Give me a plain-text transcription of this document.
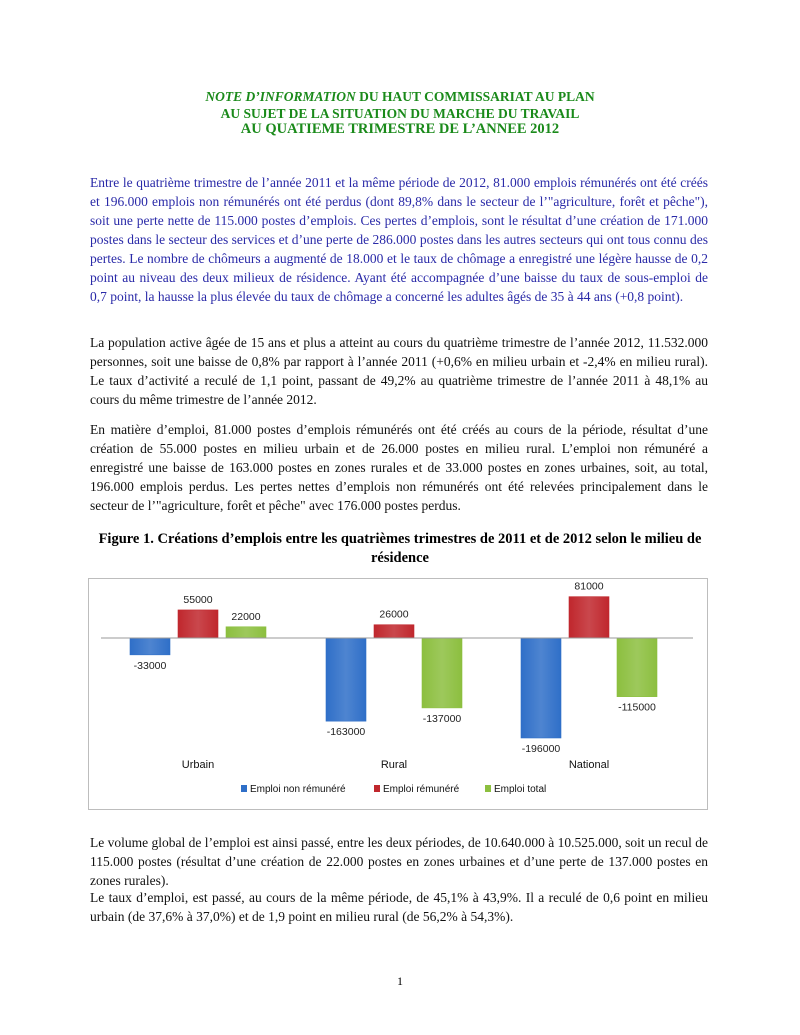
NOTE D’INFORMATION DU HAUT COMMISSARIAT AU PLAN

AU SUJET DE LA SITUATION DU MARCHE DU TRAVAIL

AU QUATIEME TRIMESTRE DE L’ANNEE 2012

Entre le quatrième trimestre de l’année 2011 et la même période de 2012, 81.000 emplois rémunérés ont été créés et 196.000 emplois non rémunérés ont été perdus (dont 89,8% dans le secteur de l’"agriculture, forêt et pêche"), soit une perte nette de 115.000 postes d’emplois. Ces pertes d’emplois, sont le résultat d’une création de 171.000 postes dans le secteur des services et d’une perte de 286.000 postes dans les autres secteurs qui ont tous connu des pertes. Le nombre de chômeurs a augmenté de 18.000 et le taux de chômage a enregistré une légère hausse de 0,2 point au niveau des deux milieux de résidence. Ayant été accompagnée d’une baisse du taux de sous-emploi de 0,7 point, la hausse la plus élevée du taux de chômage a concerné les adultes âgés de 35 à 44 ans (+0,8 point).

La population active âgée de 15 ans et plus a atteint au cours du quatrième trimestre de l’année 2012, 11.532.000 personnes, soit une baisse de 0,8% par rapport à l’année 2011 (+0,6% en milieu urbain et -2,4% en milieu rural). Le taux d’activité a reculé de 1,1 point, passant de 49,2% au quatrième trimestre de l’année 2011 à 48,1% au cours du même trimestre de l’année 2012.

En matière d’emploi, 81.000 postes d’emplois rémunérés ont été créés au cours de la période, résultat d’une création de 55.000 postes en milieu urbain et de 26.000 postes en milieu rural. L’emploi non rémunéré a enregistré une baisse de 163.000 postes en zones rurales et de 33.000 postes en zones urbaines, soit, au total, 196.000 emplois perdus. Les pertes nettes d’emplois non rémunérés ont été relevées principalement dans le secteur de l’"agriculture, forêt et pêche" avec 176.000 postes perdus.

Figure 1. Créations d’emplois entre les quatrièmes trimestres de 2011 et de 2012 selon le milieu de résidence

-33000
-163000
-196000
55000
26000
81000
22000
-137000
-115000
Urbain	Rural	National
Emploi non rémunéré	Emploi rémunéré	Emploi total

Le volume global de l’emploi est ainsi passé, entre les deux périodes, de 10.640.000 à 10.525.000, soit un recul de 115.000 postes (résultat d’une création de 22.000 postes en zones urbaines et d’une perte de 137.000 postes en zones rurales).

Le taux d’emploi, est passé, au cours de la même période, de 45,1% à 43,9%. Il a reculé de 0,6 point en milieu urbain (de 37,6% à 37,0%) et de 1,9 point en milieu rural (de 56,2% à 54,3%).

1
